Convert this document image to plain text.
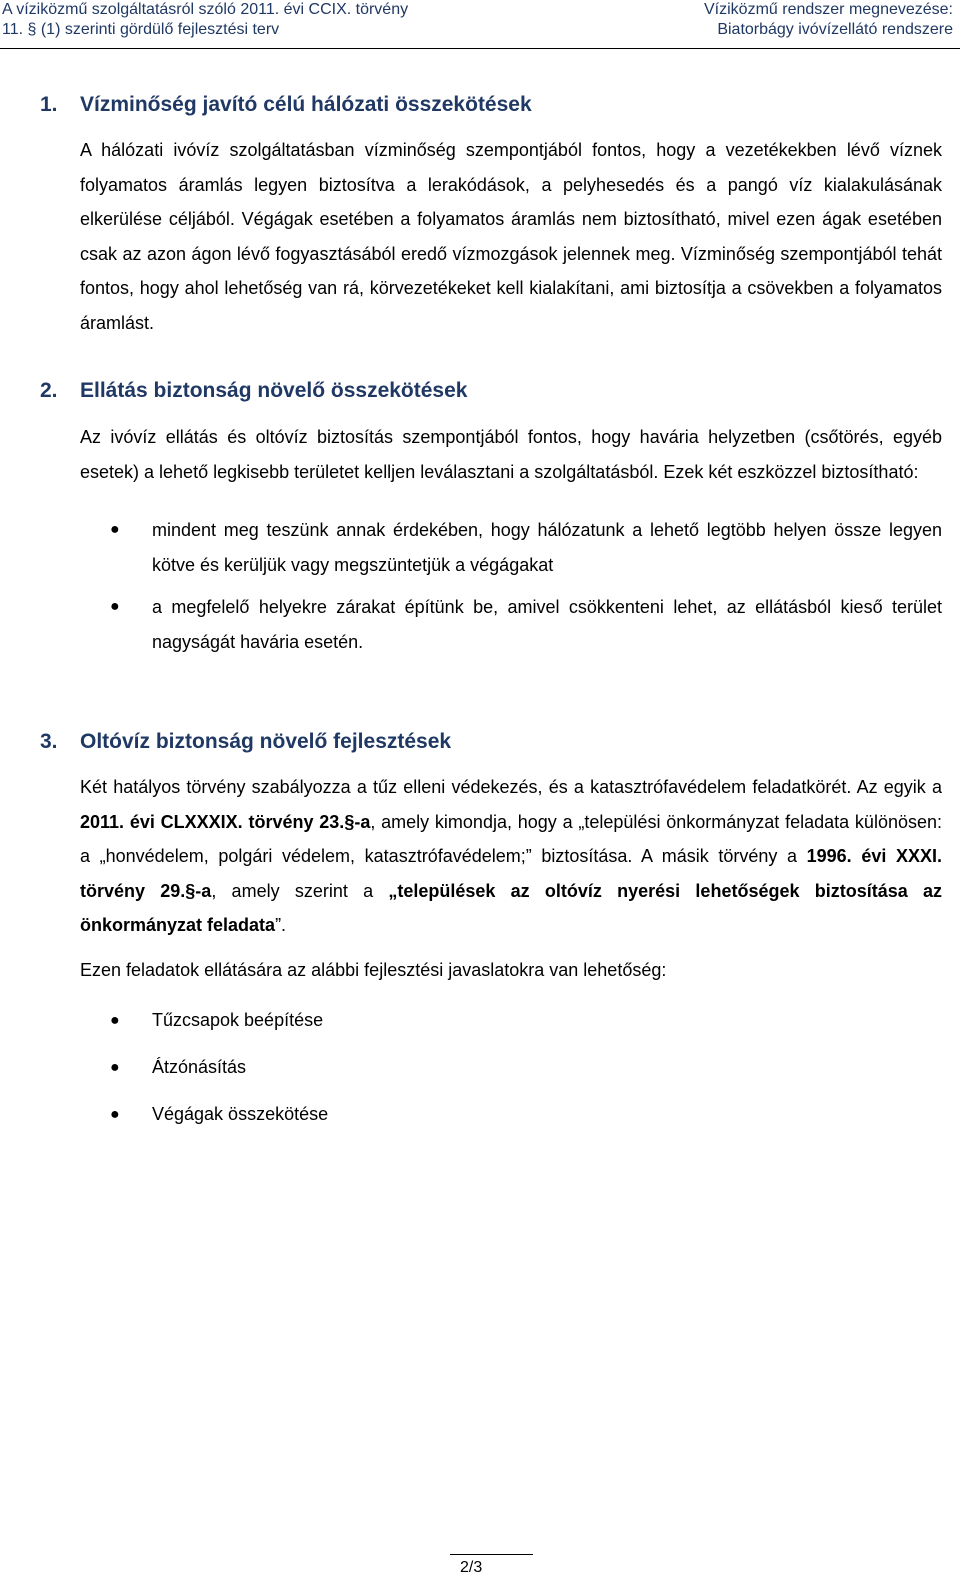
A víziközmű szolgáltatásról szóló 2011. évi CCIX. törvény
11. § (1) szerinti gördülő fejlesztési terv
Víziközmű rendszer megnevezése:
Biatorbágy ivóvízellátó rendszere
1. Vízminőség javító célú hálózati összekötések

A hálózati ivóvíz szolgáltatásban vízminőség szempontjából fontos, hogy a vezetékekben lévő víznek folyamatos áramlás legyen biztosítva a lerakódások, a pelyhesedés és a pangó víz kialakulásának elkerülése céljából. Végágak esetében a folyamatos áramlás nem biztosítható, mivel ezen ágak esetében csak az azon ágon lévő fogyasztásából eredő vízmozgások jelennek meg. Vízminőség szempontjából tehát fontos, hogy ahol lehetőség van rá, körvezetékeket kell kialakítani, ami biztosítja a csövekben a folyamatos áramlást.

2. Ellátás biztonság növelő összekötések

Az ivóvíz ellátás és oltóvíz biztosítás szempontjából fontos, hogy havária helyzetben (csőtörés, egyéb esetek) a lehető legkisebb területet kelljen leválasztani a szolgáltatásból. Ezek két eszközzel biztosítható:

● mindent meg teszünk annak érdekében, hogy hálózatunk a lehető legtöbb helyen össze legyen kötve és kerüljük vagy megszüntetjük a végágakat
● a megfelelő helyekre zárakat építünk be, amivel csökkenteni lehet, az ellátásból kieső terület nagyságát havária esetén.
3. Oltóvíz biztonság növelő fejlesztések

Két hatályos törvény szabályozza a tűz elleni védekezés, és a katasztrófavédelem feladatkörét. Az egyik a 2011. évi CLXXXIX. törvény 23.§-a, amely kimondja, hogy a „települési önkormányzat feladata különösen: a „honvédelem, polgári védelem, katasztrófavédelem;” biztosítása. A másik törvény a 1996. évi XXXI. törvény 29.§-a, amely szerint a „települések az oltóvíz nyerési lehetőségek biztosítása az önkormányzat feladata”.

Ezen feladatok ellátására az alábbi fejlesztési javaslatokra van lehetőség:

● Tűzcsapok beépítése
● Átzónásítás
● Végágak összekötése
2/3
